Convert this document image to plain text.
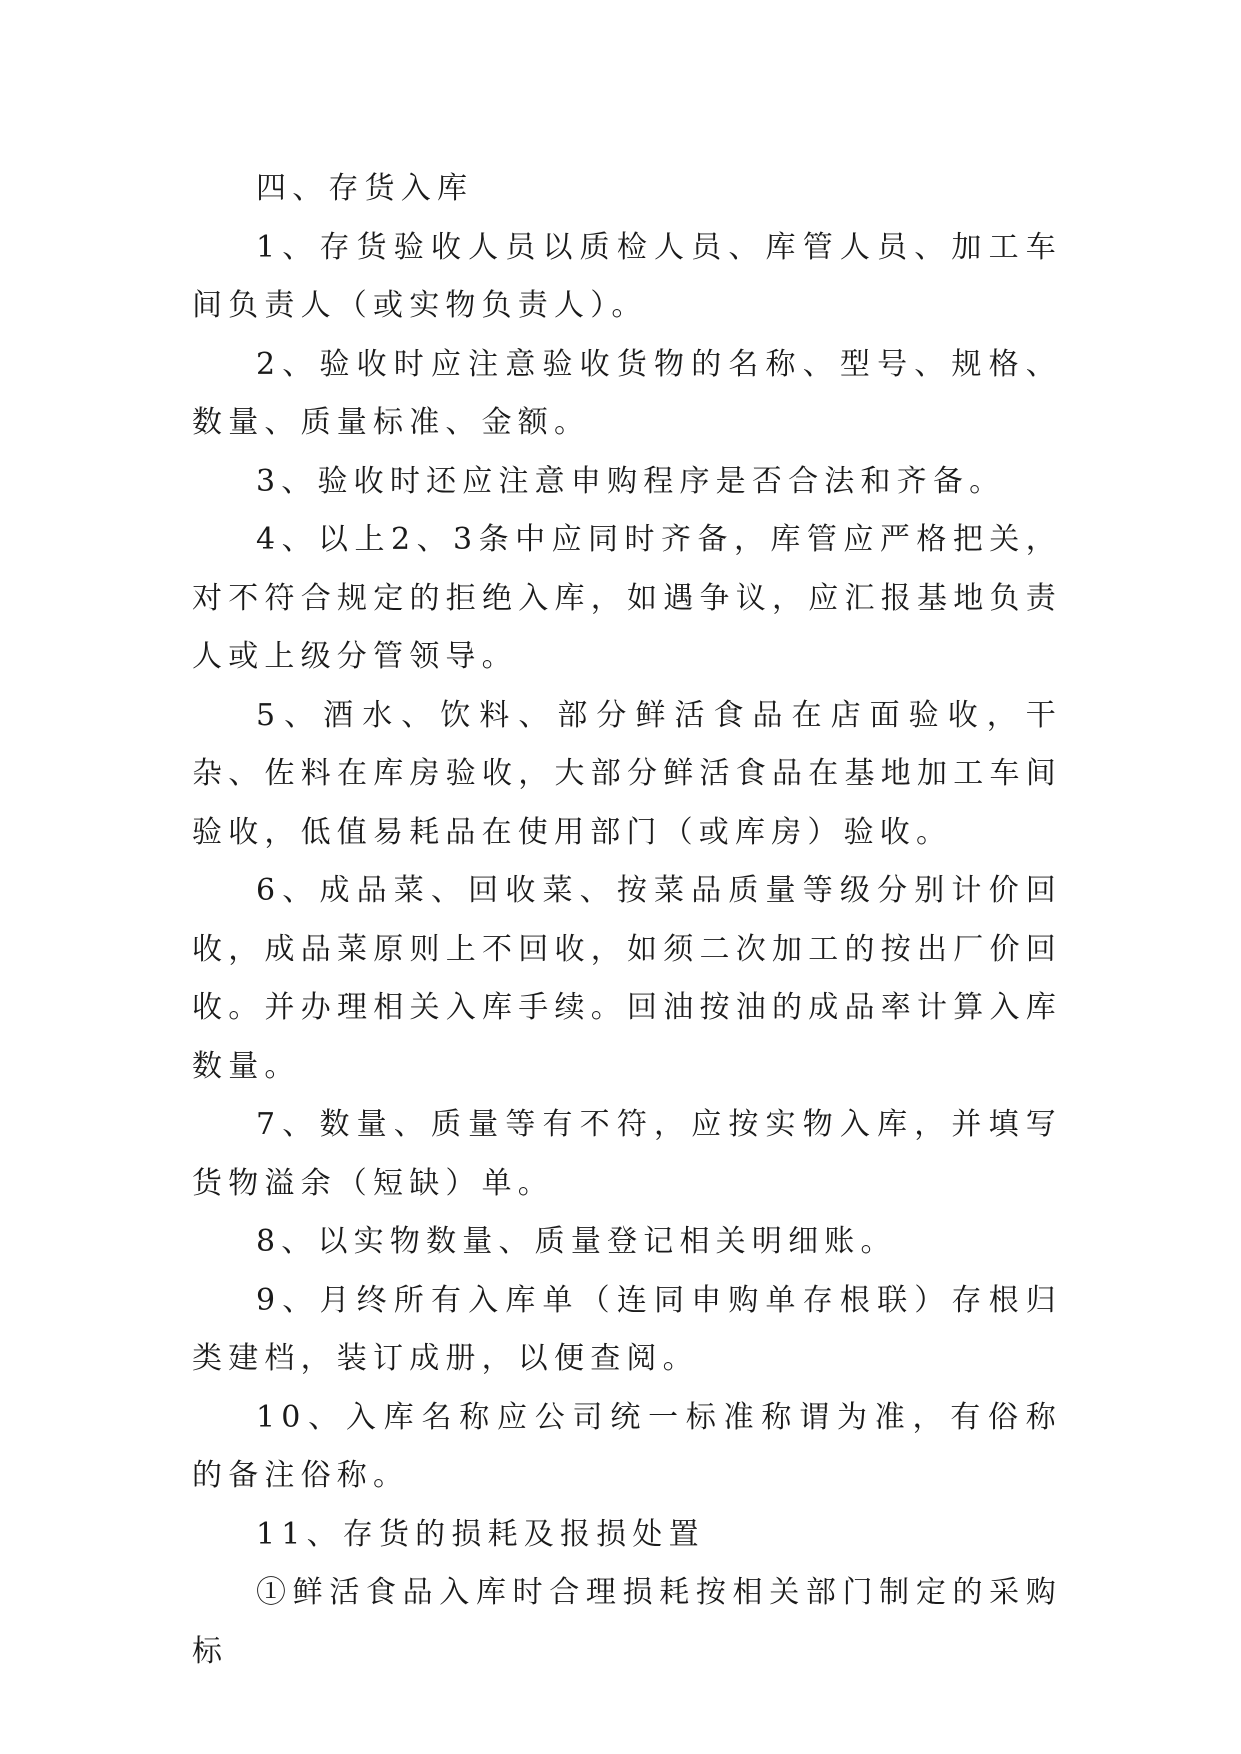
四、存货入库

1、存货验收人员以质检人员、库管人员、加工车间负责人（或实物负责人）。

2、验收时应注意验收货物的名称、型号、规格、数量、质量标准、金额。

3、验收时还应注意申购程序是否合法和齐备。

4、以上2、3条中应同时齐备，库管应严格把关，对不符合规定的拒绝入库，如遇争议，应汇报基地负责人或上级分管领导。

5、酒水、饮料、部分鲜活食品在店面验收，干杂、佐料在库房验收，大部分鲜活食品在基地加工车间验收，低值易耗品在使用部门（或库房）验收。

6、成品菜、回收菜、按菜品质量等级分别计价回收，成品菜原则上不回收，如须二次加工的按出厂价回收。并办理相关入库手续。回油按油的成品率计算入库数量。

7、数量、质量等有不符，应按实物入库，并填写货物溢余（短缺）单。

8、以实物数量、质量登记相关明细账。

9、月终所有入库单（连同申购单存根联）存根归类建档，装订成册，以便查阅。

10、入库名称应公司统一标准称谓为准，有俗称的备注俗称。

11、存货的损耗及报损处置

①鲜活食品入库时合理损耗按相关部门制定的采购标
